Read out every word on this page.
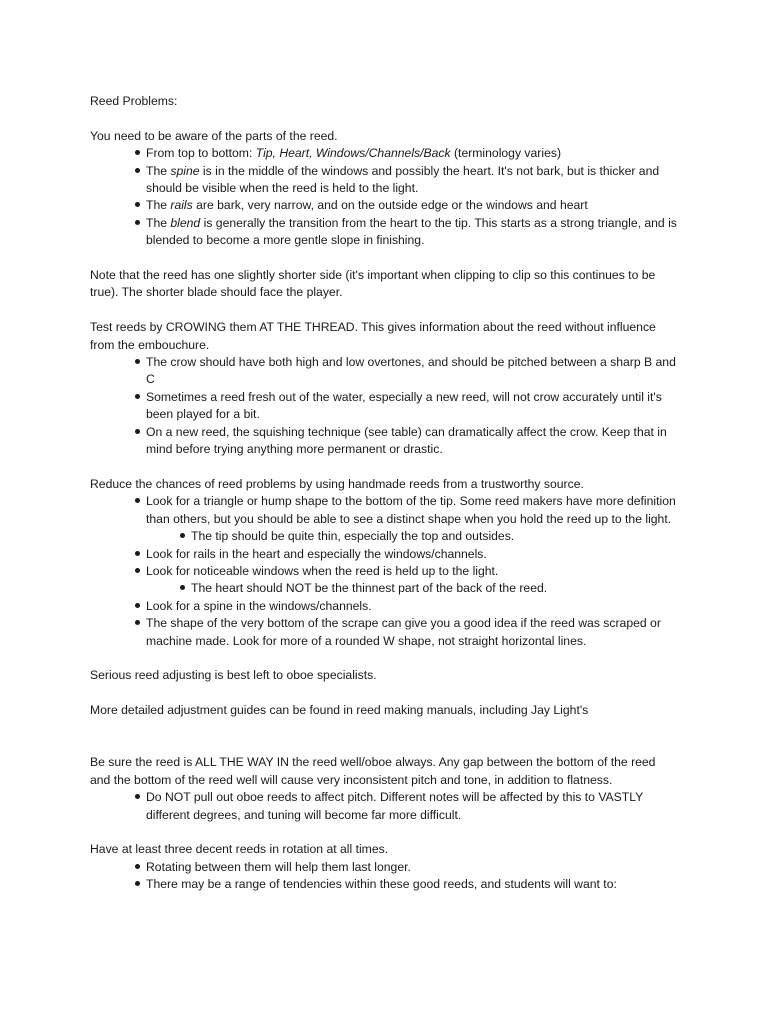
Reed Problems:

You need to be aware of the parts of the reed.

From top to bottom: Tip, Heart, Windows/Channels/Back (terminology varies)
The spine is in the middle of the windows and possibly the heart. It's not bark, but is thicker and should be visible when the reed is held to the light.
The rails are bark, very narrow, and on the outside edge or the windows and heart
The blend is generally the transition from the heart to the tip. This starts as a strong triangle, and is blended to become a more gentle slope in finishing.

Note that the reed has one slightly shorter side (it's important when clipping to clip so this continues to be true). The shorter blade should face the player.

Test reeds by CROWING them AT THE THREAD. This gives information about the reed without influence from the embouchure.

The crow should have both high and low overtones, and should be pitched between a sharp B and C
Sometimes a reed fresh out of the water, especially a new reed, will not crow accurately until it's been played for a bit.
On a new reed, the squishing technique (see table) can dramatically affect the crow. Keep that in mind before trying anything more permanent or drastic.

Reduce the chances of reed problems by using handmade reeds from a trustworthy source.

Look for a triangle or hump shape to the bottom of the tip. Some reed makers have more definition than others, but you should be able to see a distinct shape when you hold the reed up to the light.
The tip should be quite thin, especially the top and outsides.
Look for rails in the heart and especially the windows/channels.
Look for noticeable windows when the reed is held up to the light.
The heart should NOT be the thinnest part of the back of the reed.
Look for a spine in the windows/channels.
The shape of the very bottom of the scrape can give you a good idea if the reed was scraped or machine made. Look for more of a rounded W shape, not straight horizontal lines.

Serious reed adjusting is best left to oboe specialists.

More detailed adjustment guides can be found in reed making manuals, including Jay Light's

Be sure the reed is ALL THE WAY IN the reed well/oboe always. Any gap between the bottom of the reed and the bottom of the reed well will cause very inconsistent pitch and tone, in addition to flatness.

Do NOT pull out oboe reeds to affect pitch. Different notes will be affected by this to VASTLY different degrees, and tuning will become far more difficult.

Have at least three decent reeds in rotation at all times.

Rotating between them will help them last longer.
There may be a range of tendencies within these good reeds, and students will want to:
